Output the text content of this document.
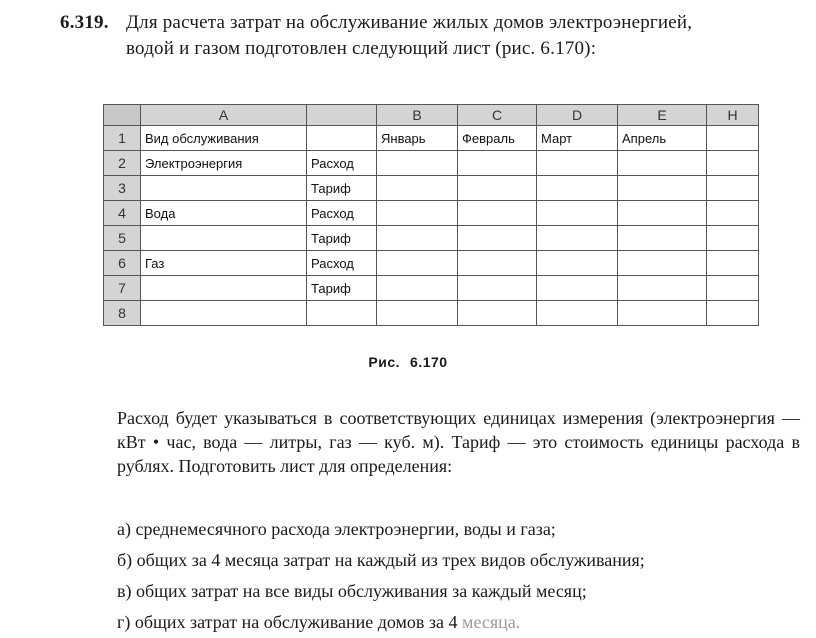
6.319. Для расчета затрат на обслуживание жилых домов электроэнергией,
водой и газом подготовлен следующий лист (рис. 6.170):
	A		B	C	D	E	H
1	Вид обслуживания		Январь	Февраль	Март	Апрель	
2	Электроэнергия	Расход					
3		Тариф					
4	Вода	Расход					
5		Тариф					
6	Газ	Расход					
7		Тариф					
8							
Рис. 6.170
Расход будет указываться в соответствующих единицах измерения (электроэнергия — кВт • час, вода — литры, газ — куб. м). Тариф — это стоимость единицы расхода в рублях. Подготовить лист для определения:
а) среднемесячного расхода электроэнергии, воды и газа;
б) общих за 4 месяца затрат на каждый из трех видов обслуживания;
в) общих затрат на все виды обслуживания за каждый месяц;
г) общих затрат на обслуживание домов за 4 месяца.
